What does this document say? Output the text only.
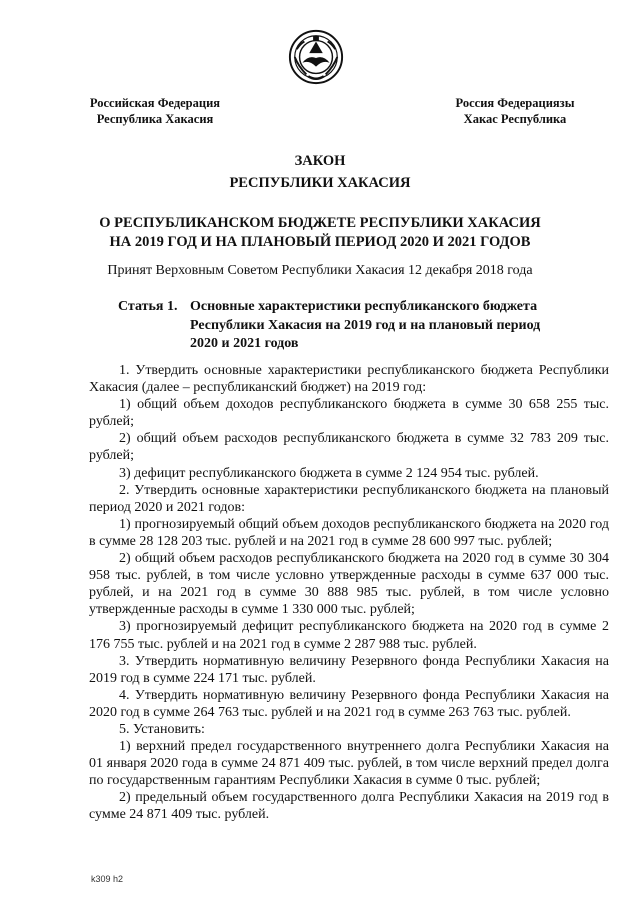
Российская Федерация
Республика Хакасия
Россия Федерациязы
Хакас Республика
ЗАКОН
РЕСПУБЛИКИ ХАКАСИЯ
О РЕСПУБЛИКАНСКОМ БЮДЖЕТЕ РЕСПУБЛИКИ ХАКАСИЯ
НА 2019 ГОД И НА ПЛАНОВЫЙ ПЕРИОД 2020 И 2021 ГОДОВ
Принят Верховным Советом Республики Хакасия 12 декабря 2018 года
Статья 1. Основные характеристики республиканского бюджета
Республики Хакасия на 2019 год и на плановый период
2020 и 2021 годов

1. Утвердить основные характеристики республиканского бюджета Республики Хакасия (далее – республиканский бюджет) на 2019 год:

1) общий объем доходов республиканского бюджета в сумме 30 658 255 тыс. рублей;

2) общий объем расходов республиканского бюджета в сумме 32 783 209 тыс. рублей;

3) дефицит республиканского бюджета в сумме 2 124 954 тыс. рублей.

2. Утвердить основные характеристики республиканского бюджета на плановый период 2020 и 2021 годов:

1) прогнозируемый общий объем доходов республиканского бюджета на 2020 год в сумме 28 128 203 тыс. рублей и на 2021 год в сумме 28 600 997 тыс. рублей;

2) общий объем расходов республиканского бюджета на 2020 год в сумме 30 304 958 тыс. рублей, в том числе условно утвержденные расходы в сумме 637 000 тыс. рублей, и на 2021 год в сумме 30 888 985 тыс. рублей, в том числе условно утвержденные расходы в сумме 1 330 000 тыс. рублей;

3) прогнозируемый дефицит республиканского бюджета на 2020 год в сумме 2 176 755 тыс. рублей и на 2021 год в сумме 2 287 988 тыс. рублей.

3. Утвердить нормативную величину Резервного фонда Республики Хакасия на 2019 год в сумме 224 171 тыс. рублей.

4. Утвердить нормативную величину Резервного фонда Республики Хакасия на 2020 год в сумме 264 763 тыс. рублей и на 2021 год в сумме 263 763 тыс. рублей.

5. Установить:

1) верхний предел государственного внутреннего долга Республики Хакасия на 01 января 2020 года в сумме 24 871 409 тыс. рублей, в том числе верхний предел долга по государственным гарантиям Республики Хакасия в сумме 0 тыс. рублей;

2) предельный объем государственного долга Республики Хакасия на 2019 год в сумме 24 871 409 тыс. рублей.

k309 h2
